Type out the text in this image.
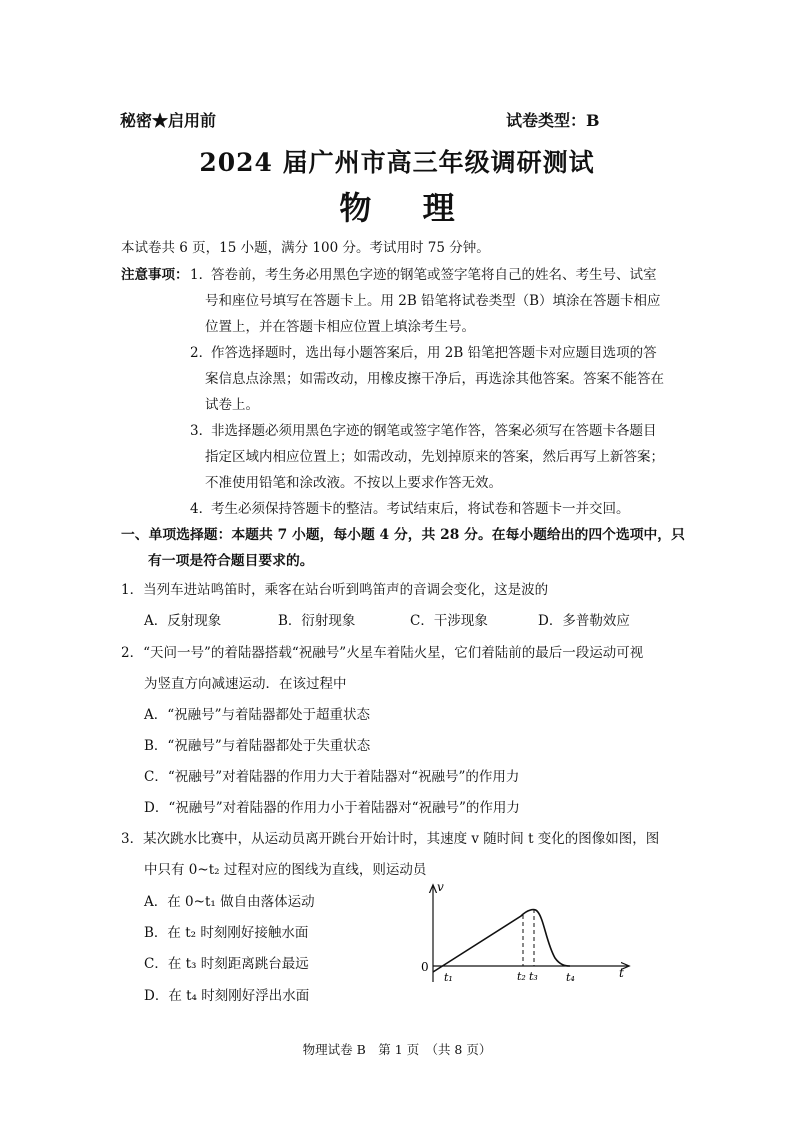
秘密★启用前	试卷类型：B
2024 届广州市高三年级调研测试
物 理
本试卷共 6 页，15 小题，满分 100 分。考试用时 75 分钟。
注意事项： 1．
答卷前，考生务必用黑色字迹的钢笔或签字笔将自己的姓名、考生号、试室
号和座位号填写在答题卡上。用 2B 铅笔将试卷类型（B）填涂在答题卡相应
位置上，并在答题卡相应位置上填涂考生号。
2．
作答选择题时，选出每小题答案后，用 2B 铅笔把答题卡对应题目选项的答
案信息点涂黑；如需改动，用橡皮擦干净后，再选涂其他答案。答案不能答在
试卷上。
3．
非选择题必须用黑色字迹的钢笔或签字笔作答，答案必须写在答题卡各题目
指定区域内相应位置上；如需改动，先划掉原来的答案，然后再写上新答案；
不准使用铅笔和涂改液。不按以上要求作答无效。
4．
考生必须保持答题卡的整洁。考试结束后，将试卷和答题卡一并交回。
一、单项选择题：本题共 7 小题，每小题 4 分，共 28 分。在每小题给出的四个选项中，只
有一项是符合题目要求的。
1．当列车进站鸣笛时，乘客在站台听到鸣笛声的音调会变化，这是波的
A．反射现象	B．衍射现象	C．干涉现象	D．多普勒效应
2．“天问一号”的着陆器搭载“祝融号”火星车着陆火星，它们着陆前的最后一段运动可视
为竖直方向减速运动．在该过程中
A．“祝融号”与着陆器都处于超重状态
B．“祝融号”与着陆器都处于失重状态
C．“祝融号”对着陆器的作用力大于着陆器对“祝融号”的作用力
D．“祝融号”对着陆器的作用力小于着陆器对“祝融号”的作用力
3．某次跳水比赛中，从运动员离开跳台开始计时，其速度 v 随时间 t 变化的图像如图，图
中只有 0~t₂ 过程对应的图线为直线，则运动员
A．在 0~t₁ 做自由落体运动
B．在 t₂ 时刻刚好接触水面
C．在 t₃ 时刻距离跳台最远
D．在 t₄ 时刻刚好浮出水面
v
t
0
t₁	t₂ t₃	t₄
物理试卷 B　第 1 页　（共 8 页）
